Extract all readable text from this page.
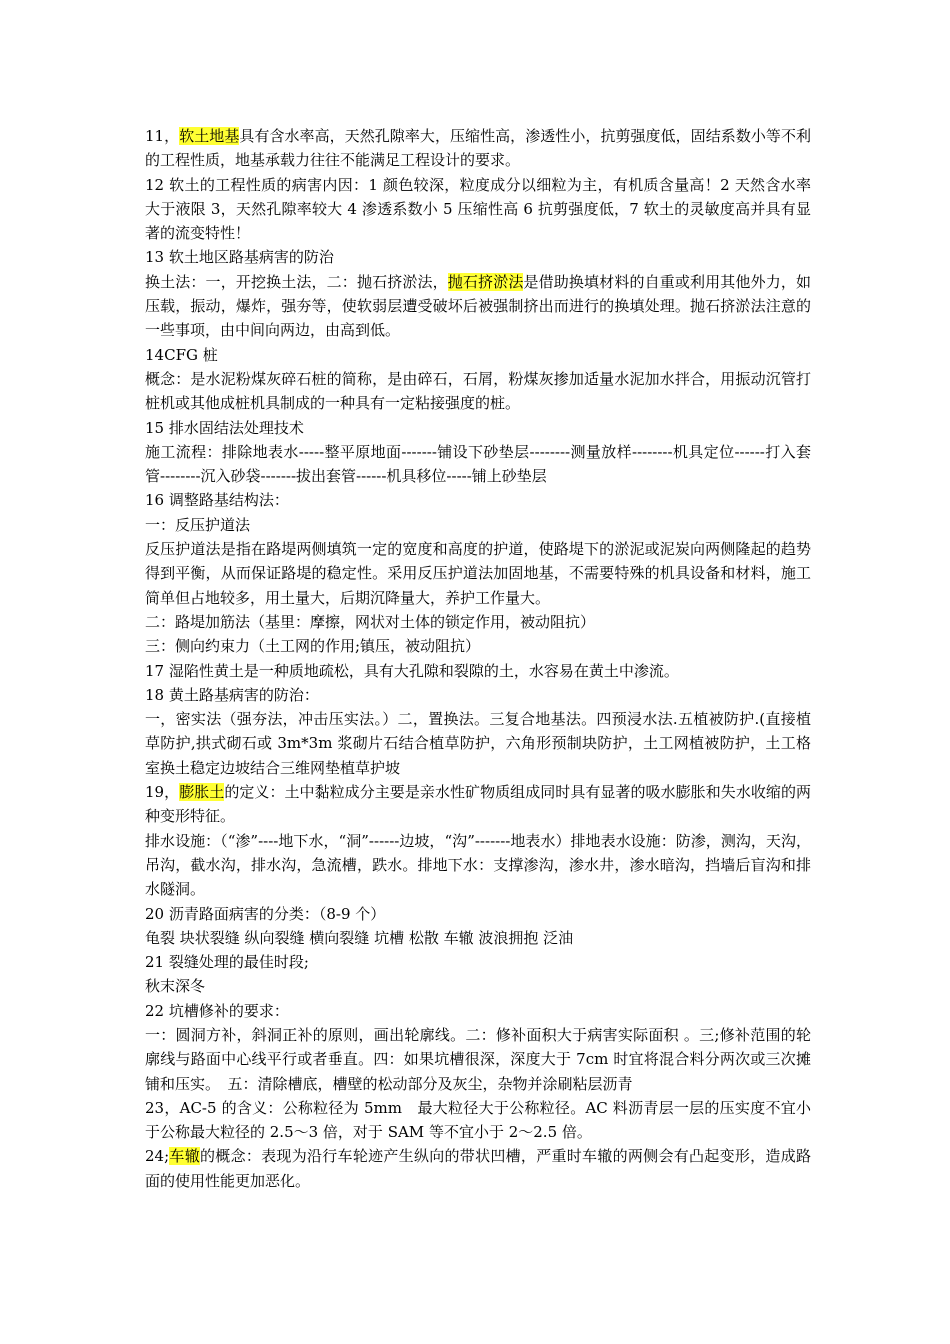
11，软土地基具有含水率高，天然孔隙率大，压缩性高，渗透性小，抗剪强度低，固结系数小等不利的工程性质，地基承载力往往不能满足工程设计的要求。

12 软土的工程性质的病害内因：1 颜色较深，粒度成分以细粒为主，有机质含量高！2 天然含水率大于液限 3，天然孔隙率较大 4 渗透系数小 5 压缩性高 6 抗剪强度低，7 软土的灵敏度高并具有显著的流变特性！

13 软土地区路基病害的防治

换土法：一，开挖换土法，二：抛石挤淤法，抛石挤淤法是借助换填材料的自重或利用其他外力，如压载，振动，爆炸，强夯等，使软弱层遭受破坏后被强制挤出而进行的换填处理。抛石挤淤法注意的一些事项，由中间向两边，由高到低。

14CFG 桩

概念：是水泥粉煤灰碎石桩的简称，是由碎石，石屑，粉煤灰掺加适量水泥加水拌合，用振动沉管打桩机或其他成桩机具制成的一种具有一定粘接强度的桩。

15 排水固结法处理技术

施工流程：排除地表水-----整平原地面-------铺设下砂垫层--------测量放样--------机具定位------打入套管--------沉入砂袋-------拔出套管------机具移位-----铺上砂垫层

16 调整路基结构法：

一：反压护道法

反压护道法是指在路堤两侧填筑一定的宽度和高度的护道，使路堤下的淤泥或泥炭向两侧隆起的趋势得到平衡，从而保证路堤的稳定性。采用反压护道法加固地基，不需要特殊的机具设备和材料，施工简单但占地较多，用土量大，后期沉降量大，养护工作量大。

二：路堤加筋法（基里：摩擦，网状对土体的锁定作用，被动阻抗）

三：侧向约束力（土工网的作用;镇压，被动阻抗）

17 湿陷性黄土是一种质地疏松，具有大孔隙和裂隙的土，水容易在黄土中渗流。

18 黄土路基病害的防治：

一，密实法（强夯法，冲击压实法。）二，置换法。三复合地基法。四预浸水法.五植被防护.(直接植草防护,拱式砌石或 3m*3m 浆砌片石结合植草防护，六角形预制块防护，土工网植被防护，土工格室换土稳定边坡结合三维网垫植草护坡

19，膨胀土的定义：土中黏粒成分主要是亲水性矿物质组成同时具有显著的吸水膨胀和失水收缩的两种变形特征。

排水设施：（“渗”----地下水，“洞”------边坡，“沟”-------地表水）排地表水设施：防渗，测沟，天沟，吊沟，截水沟，排水沟，急流槽，跌水。排地下水：支撑渗沟，渗水井，渗水暗沟，挡墙后盲沟和排水隧洞。

20 沥青路面病害的分类：（8-9 个）

龟裂 块状裂缝 纵向裂缝 横向裂缝 坑槽 松散 车辙 波浪拥抱 泛油

21 裂缝处理的最佳时段;

秋末深冬

22 坑槽修补的要求：

一：圆洞方补，斜洞正补的原则，画出轮廓线。二：修补面积大于病害实际面积 。三;修补范围的轮廓线与路面中心线平行或者垂直。四：如果坑槽很深，深度大于 7cm 时宜将混合料分两次或三次摊铺和压实。　五：清除槽底，槽壁的松动部分及灰尘，杂物并涂刷粘层沥青

23，AC-5 的含义：公称粒径为 5mm　最大粒径大于公称粒径。AC 料沥青层一层的压实度不宜小于公称最大粒径的 2.5～3 倍，对于 SAM 等不宜小于 2～2.5 倍。

24;车辙的概念：表现为沿行车轮迹产生纵向的带状凹槽，严重时车辙的两侧会有凸起变形，造成路面的使用性能更加恶化。
